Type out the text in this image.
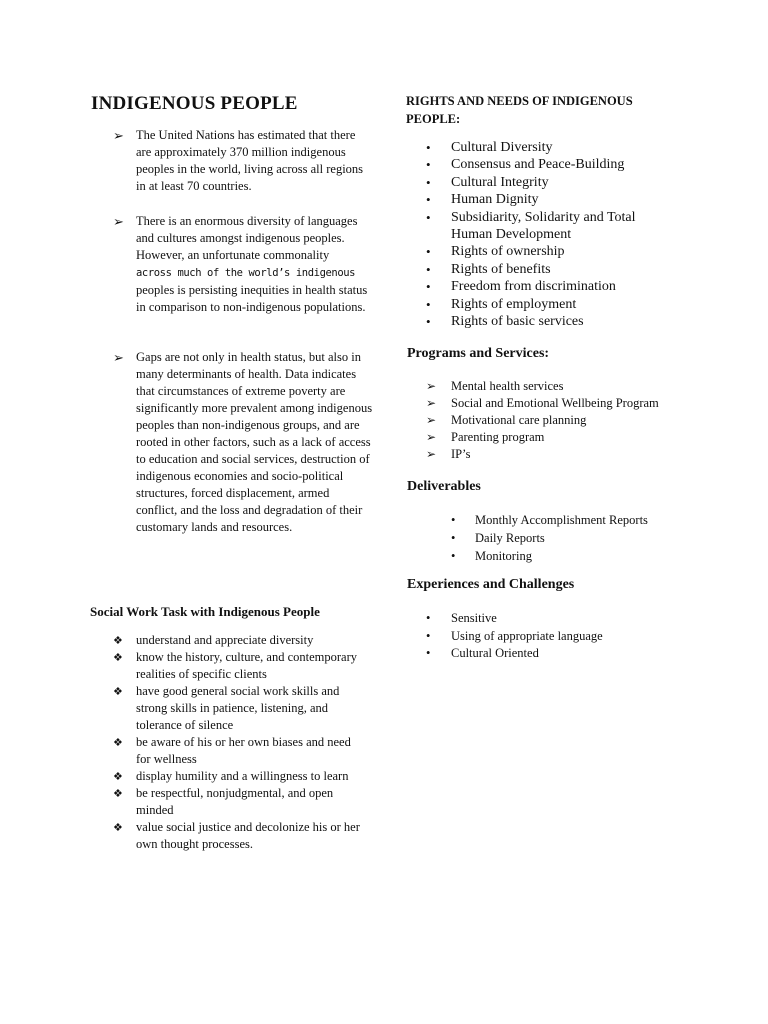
INDIGENOUS PEOPLE
➢ The United Nations has estimated that there are approximately 370 million indigenous peoples in the world, living across all regions in at least 70 countries.
➢ There is an enormous diversity of languages and cultures amongst indigenous peoples. However, an unfortunate commonality
across much of the world’s indigenous
peoples is persisting inequities in health status in comparison to non-indigenous populations.
➢ Gaps are not only in health status, but also in many determinants of health. Data indicates that circumstances of extreme poverty are significantly more prevalent among indigenous peoples than non-indigenous groups, and are rooted in other factors, such as a lack of access to education and social services, destruction of indigenous economies and socio-political structures, forced displacement, armed conflict, and the loss and degradation of their customary lands and resources.
Social Work Task with Indigenous People
❖ understand and appreciate diversity
❖ know the history, culture, and contemporary realities of specific clients
❖ have good general social work skills and strong skills in patience, listening, and tolerance of silence
❖ be aware of his or her own biases and need for wellness
❖ display humility and a willingness to learn
❖ be respectful, nonjudgmental, and open minded
❖ value social justice and decolonize his or her own thought processes.
RIGHTS AND NEEDS OF INDIGENOUS PEOPLE:
• Cultural Diversity
• Consensus and Peace-Building
• Cultural Integrity
• Human Dignity
• Subsidiarity, Solidarity and Total Human Development
• Rights of ownership
• Rights of benefits
• Freedom from discrimination
• Rights of employment
• Rights of basic services
Programs and Services:
➢ Mental health services
➢ Social and Emotional Wellbeing Program
➢ Motivational care planning
➢ Parenting program
➢ IP’s
Deliverables
• Monthly Accomplishment Reports
• Daily Reports
• Monitoring
Experiences and Challenges
• Sensitive
• Using of appropriate language
• Cultural Oriented
